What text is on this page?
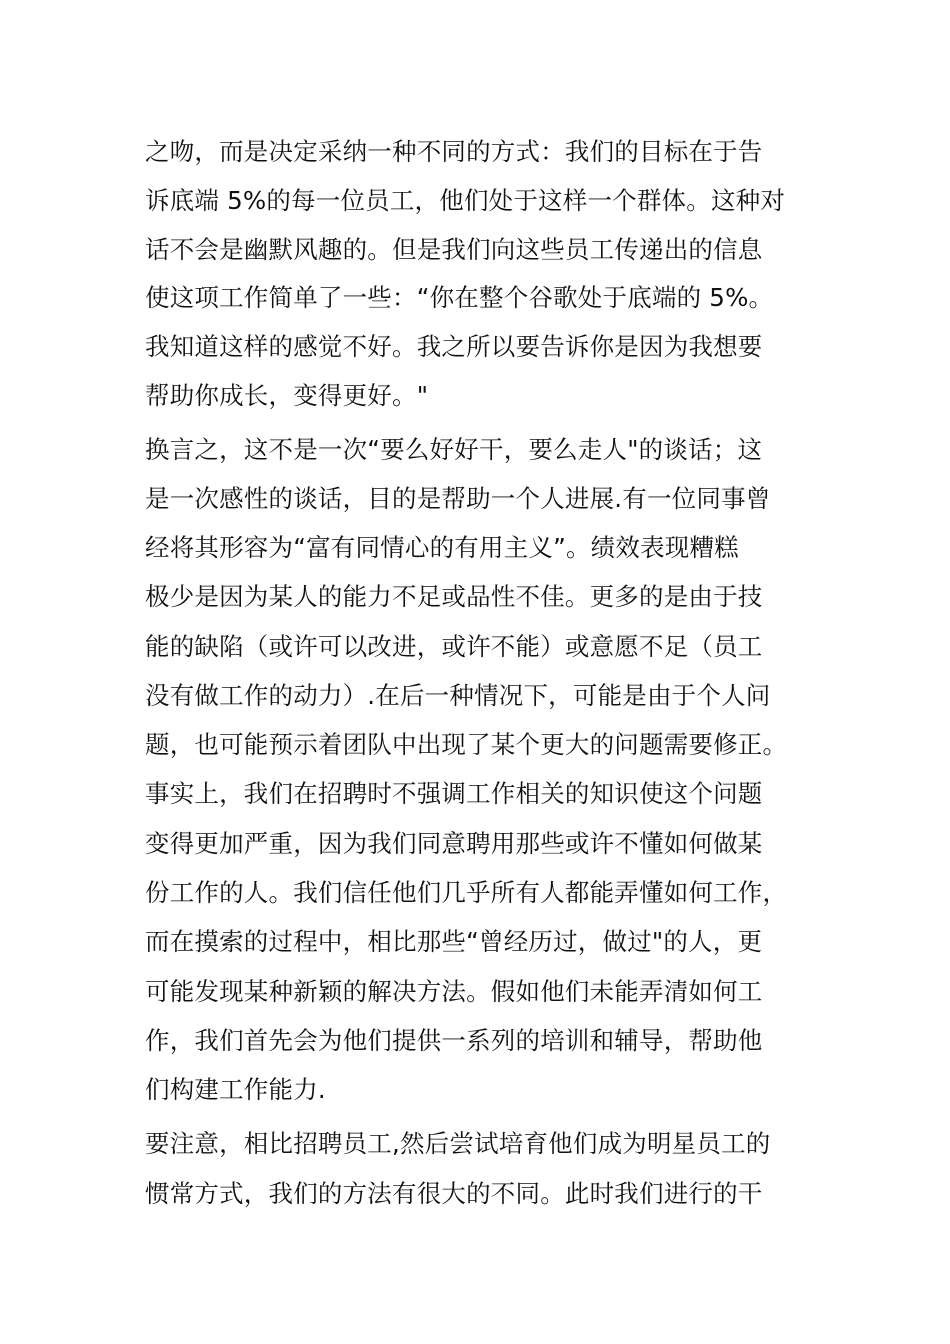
之吻，而是决定采纳一种不同的方式：我们的目标在于告
诉底端 5%的每一位员工，他们处于这样一个群体。这种对
话不会是幽默风趣的。但是我们向这些员工传递出的信息
使这项工作简单了一些：“你在整个谷歌处于底端的 5%。
我知道这样的感觉不好。我之所以要告诉你是因为我想要
帮助你成长，变得更好。"
换言之，这不是一次“要么好好干，要么走人"的谈话；这
是一次感性的谈话，目的是帮助一个人进展.有一位同事曾
经将其形容为“富有同情心的有用主义”。绩效表现糟糕
极少是因为某人的能力不足或品性不佳。更多的是由于技
能的缺陷（或许可以改进，或许不能）或意愿不足（员工
没有做工作的动力）.在后一种情况下，可能是由于个人问
题，也可能预示着团队中出现了某个更大的问题需要修正。
事实上，我们在招聘时不强调工作相关的知识使这个问题
变得更加严重，因为我们同意聘用那些或许不懂如何做某
份工作的人。我们信任他们几乎所有人都能弄懂如何工作，
而在摸索的过程中，相比那些“曾经历过，做过"的人，更
可能发现某种新颖的解决方法。假如他们未能弄清如何工
作，我们首先会为他们提供一系列的培训和辅导，帮助他
们构建工作能力.
要注意，相比招聘员工,然后尝试培育他们成为明星员工的
惯常方式，我们的方法有很大的不同。此时我们进行的干
